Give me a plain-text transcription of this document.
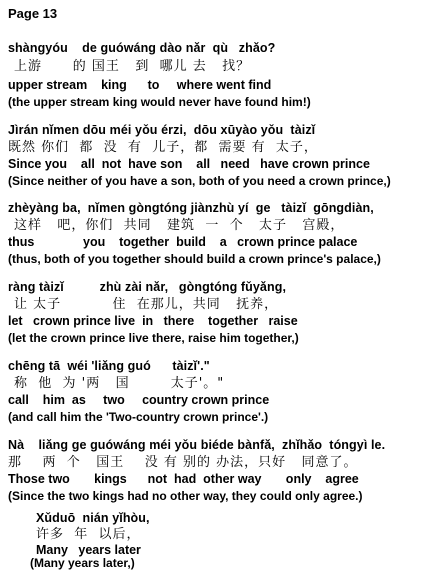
Page 13
shàngyóu    de guówáng dào nǎr  qù   zhǎo?
上游      的 国王   到  哪儿 去   找？
upper stream    king      to     where went find
(the upper stream king would never have found him!)
Jìrán nǐmen dōu méi yǒu érzi,  dōu xūyào yǒu  tàizǐ
既然 你们  都  没  有  儿子，都  需要 有  太子，
Since you    all  not  have son    all   need   have crown prince
(Since neither of you have a son, both of you need a crown prince,)
zhèyàng ba,  nǐmen gòngtóng jiànzhù yí  ge   tàizǐ  gōngdiàn,
这样   吧，你们  共同   建筑  一  个   太子   宫殿，
thus              you    together  build    a   crown prince palace
(thus, both of you together should build a crown prince's palace,)
ràng tàizǐ          zhù zài nǎr,   gòngtóng fǔyǎng,
让 太子          住  在那儿，共同   抚养，
let   crown prince live  in   there    together   raise
(let the crown prince live there, raise him together,)
chēng tā  wéi 'liǎng guó      tàizǐ'."
称  他  为 '两   国        太子'。"
call    him  as     two     country crown prince
(and call him the 'Two-country crown prince'.)
Nà    liǎng ge guówáng méi yǒu biéde bànfǎ,  zhǐhǎo  tóngyì le.
那    两  个   国王    没 有 别的 办法，只好   同意了。
Those two       kings      not  had  other way       only    agree
(Since the two kings had no other way, they could only agree.)
Xǔduō  nián yǐhòu,
许多  年  以后，
Many   years later
(Many years later,)
